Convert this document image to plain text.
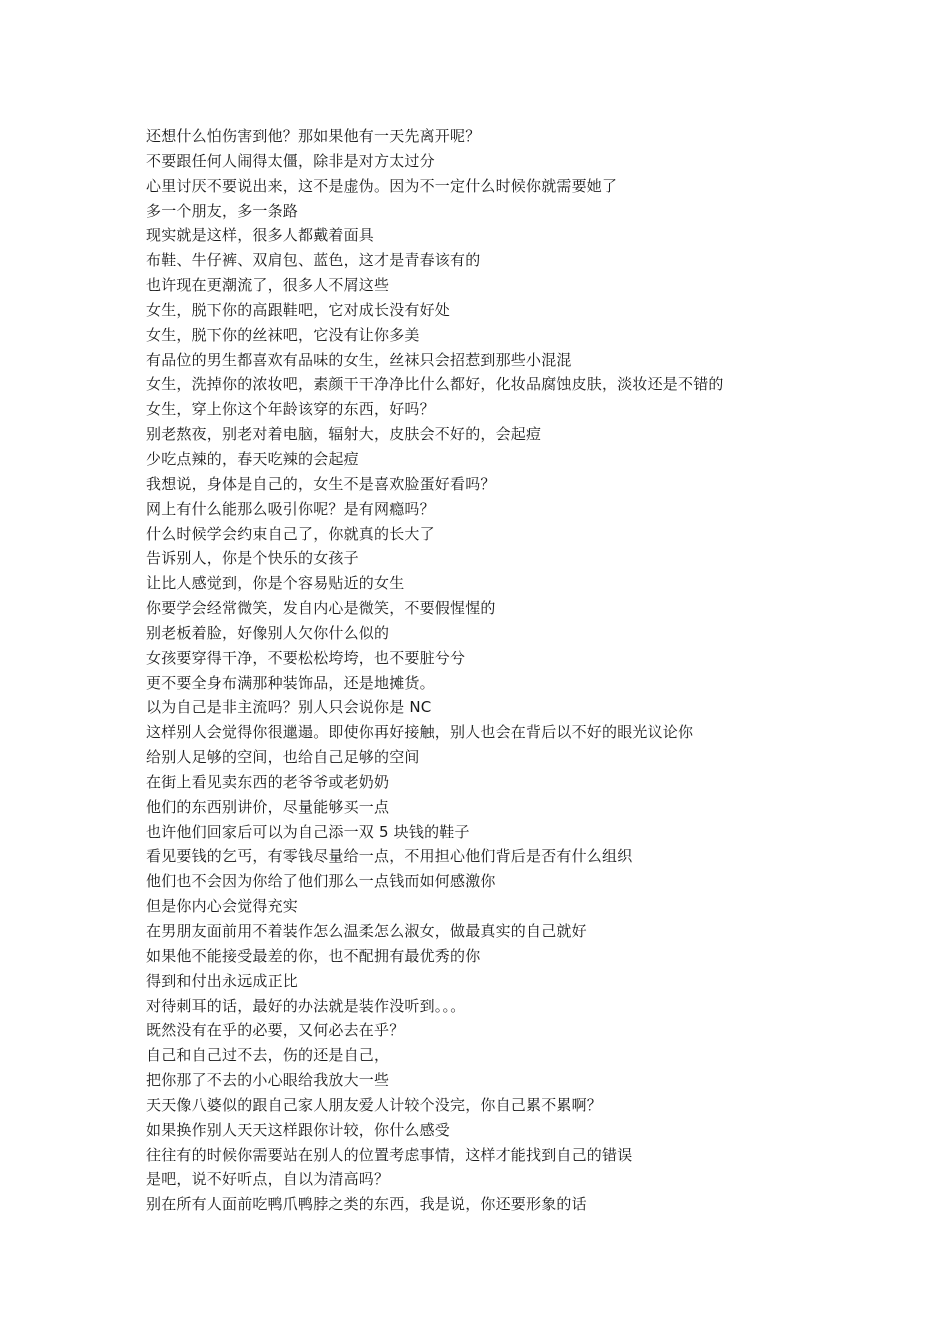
还想什么怕伤害到他？那如果他有一天先离开呢？
不要跟任何人闹得太僵，除非是对方太过分
心里讨厌不要说出来，这不是虚伪。因为不一定什么时候你就需要她了
多一个朋友，多一条路
现实就是这样，很多人都戴着面具
布鞋、牛仔裤、双肩包、蓝色，这才是青春该有的
也许现在更潮流了，很多人不屑这些
女生，脱下你的高跟鞋吧，它对成长没有好处
女生，脱下你的丝袜吧，它没有让你多美
有品位的男生都喜欢有品味的女生，丝袜只会招惹到那些小混混
女生，洗掉你的浓妆吧，素颜干干净净比什么都好，化妆品腐蚀皮肤，淡妆还是不错的
女生，穿上你这个年龄该穿的东西，好吗？
别老熬夜，别老对着电脑，辐射大，皮肤会不好的，会起痘
少吃点辣的，春天吃辣的会起痘
我想说，身体是自己的，女生不是喜欢脸蛋好看吗？
网上有什么能那么吸引你呢？是有网瘾吗？
什么时候学会约束自己了，你就真的长大了
告诉别人，你是个快乐的女孩子
让比人感觉到，你是个容易贴近的女生
你要学会经常微笑，发自内心是微笑，不要假惺惺的
别老板着脸，好像别人欠你什么似的
女孩要穿得干净，不要松松垮垮，也不要脏兮兮
更不要全身布满那种装饰品，还是地摊货。
以为自己是非主流吗？别人只会说你是 NC
这样别人会觉得你很邋遢。即使你再好接触，别人也会在背后以不好的眼光议论你
给别人足够的空间，也给自己足够的空间
在街上看见卖东西的老爷爷或老奶奶
他们的东西别讲价，尽量能够买一点
也许他们回家后可以为自己添一双 5 块钱的鞋子
看见要钱的乞丐，有零钱尽量给一点，不用担心他们背后是否有什么组织
他们也不会因为你给了他们那么一点钱而如何感激你
但是你内心会觉得充实
在男朋友面前用不着装作怎么温柔怎么淑女，做最真实的自己就好
如果他不能接受最差的你，也不配拥有最优秀的你
得到和付出永远成正比
对待刺耳的话，最好的办法就是装作没听到。。。
既然没有在乎的必要，又何必去在乎？
自己和自己过不去，伤的还是自己，
把你那了不去的小心眼给我放大一些
天天像八婆似的跟自己家人朋友爱人计较个没完，你自己累不累啊？
如果换作别人天天这样跟你计较，你什么感受
往往有的时候你需要站在别人的位置考虑事情，这样才能找到自己的错误
是吧，说不好听点，自以为清高吗？
别在所有人面前吃鸭爪鸭脖之类的东西，我是说，你还要形象的话
